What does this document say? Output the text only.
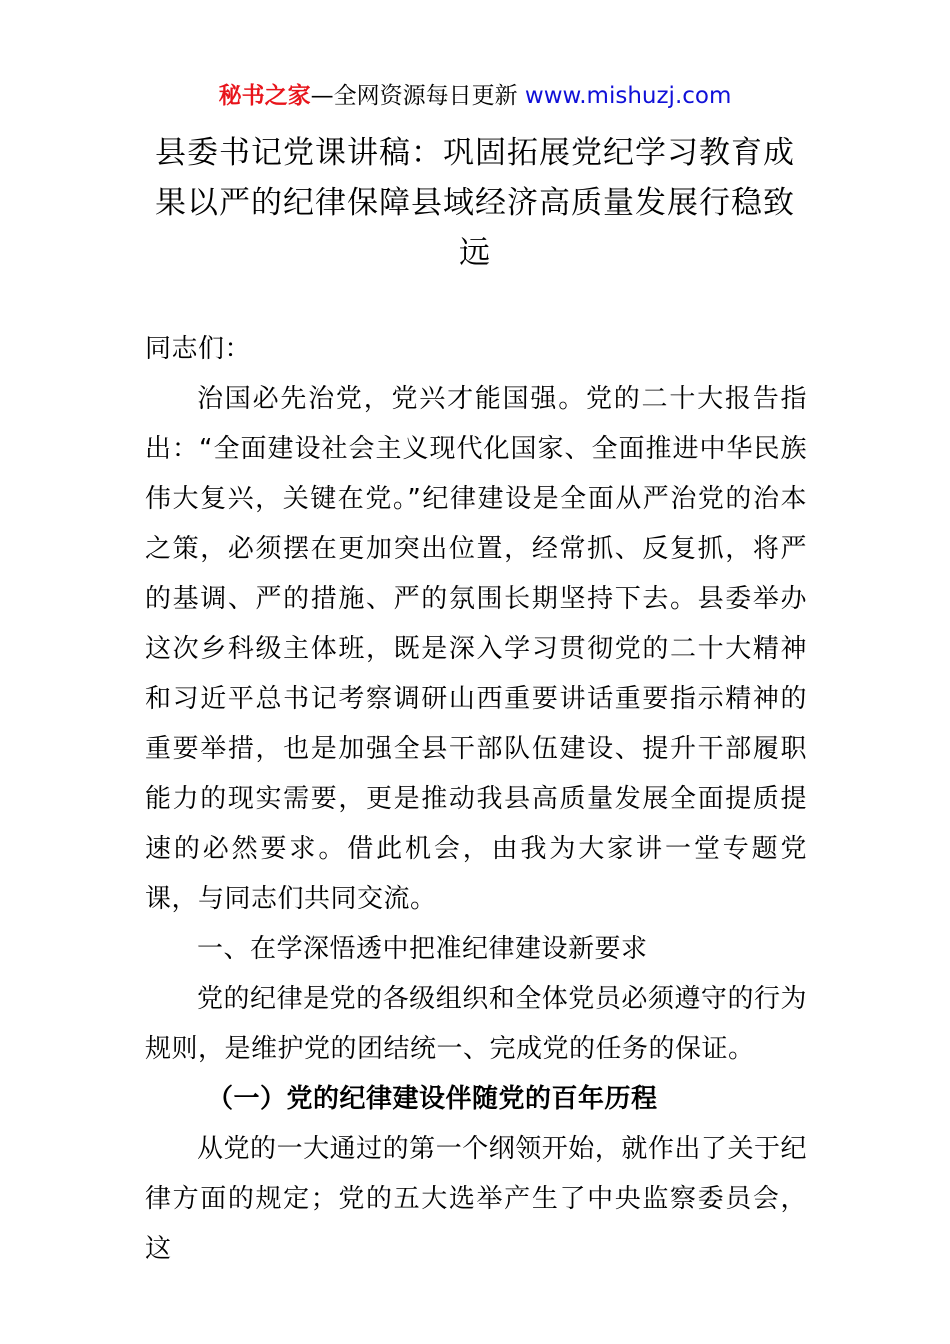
秘书之家—全网资源每日更新 www.mishuzj.com
县委书记党课讲稿：巩固拓展党纪学习教育成果以严的纪律保障县域经济高质量发展行稳致远
同志们：
治国必先治党，党兴才能国强。党的二十大报告指出：“全面建设社会主义现代化国家、全面推进中华民族伟大复兴，关键在党。”纪律建设是全面从严治党的治本之策，必须摆在更加突出位置，经常抓、反复抓，将严的基调、严的措施、严的氛围长期坚持下去。县委举办这次乡科级主体班，既是深入学习贯彻党的二十大精神和习近平总书记考察调研山西重要讲话重要指示精神的重要举措，也是加强全县干部队伍建设、提升干部履职能力的现实需要，更是推动我县高质量发展全面提质提速的必然要求。借此机会，由我为大家讲一堂专题党课，与同志们共同交流。
一、在学深悟透中把准纪律建设新要求
党的纪律是党的各级组织和全体党员必须遵守的行为规则，是维护党的团结统一、完成党的任务的保证。
（一）党的纪律建设伴随党的百年历程
从党的一大通过的第一个纲领开始，就作出了关于纪律方面的规定；党的五大选举产生了中央监察委员会，这
